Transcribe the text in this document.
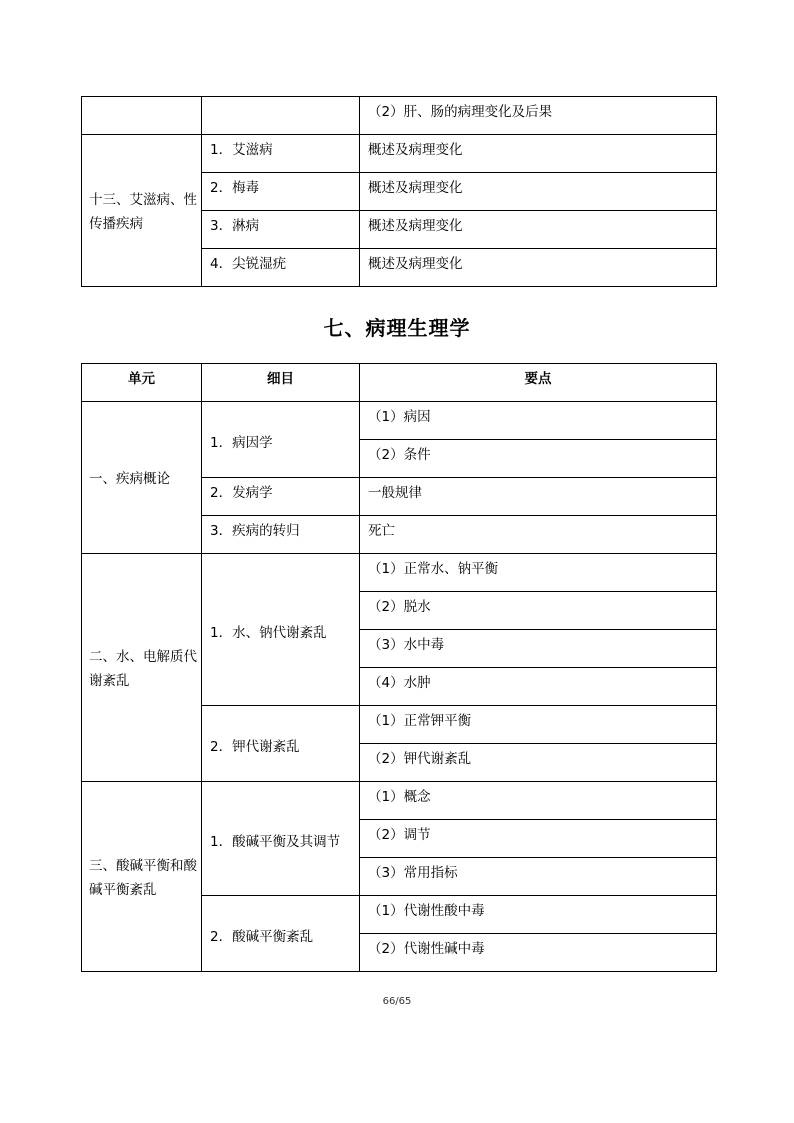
		（2）肝、肠的病理变化及后果
十三、艾滋病、性传播疾病	1．艾滋病	概述及病理变化
	2．梅毒	概述及病理变化
	3．淋病	概述及病理变化
	4．尖锐湿疣	概述及病理变化
七、病理生理学
单元	细目	要点
一、疾病概论	1．病因学	（1）病因
		（2）条件
	2．发病学	一般规律
	3．疾病的转归	死亡
二、水、电解质代谢紊乱	1．水、钠代谢紊乱	（1）正常水、钠平衡
		（2）脱水
		（3）水中毒
		（4）水肿
	2．钾代谢紊乱	（1）正常钾平衡
		（2）钾代谢紊乱
三、酸碱平衡和酸碱平衡紊乱	1．酸碱平衡及其调节	（1）概念
		（2）调节
		（3）常用指标
	2．酸碱平衡紊乱	（1）代谢性酸中毒
		（2）代谢性碱中毒
66/65
